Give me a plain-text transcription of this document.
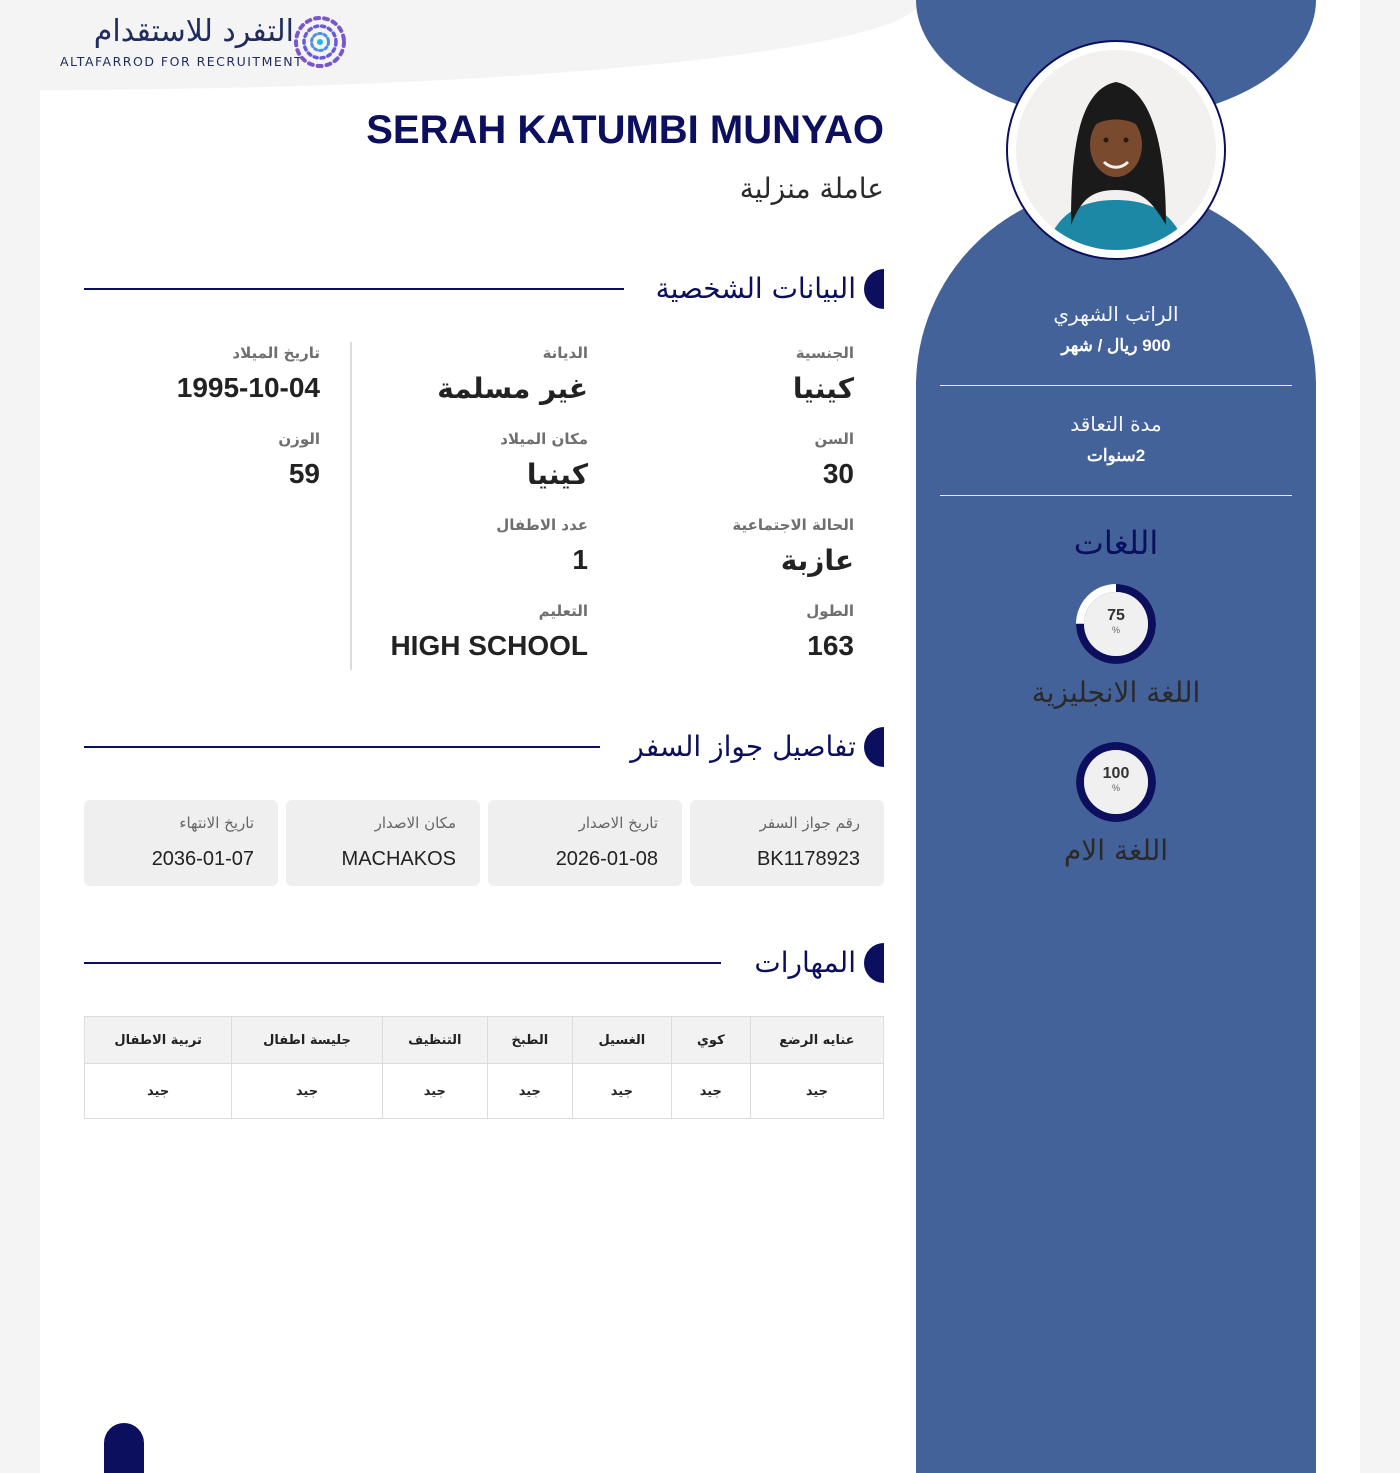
التفرد للاستقدام
ALTAFARROD FOR RECRUITMENT
SERAH KATUMBI MUNYAO
عاملة منزلية
البيانات الشخصية
الجنسية
كينيا
السن
30
الحالة الاجتماعية
عازبة
الطول
163
الديانة
غير مسلمة
مكان الميلاد
كينيا
عدد الاطفال
1
التعليم
HIGH SCHOOL
تاريخ الميلاد
1995-10-04
الوزن
59
تفاصيل جواز السفر
رقم جواز السفر
BK1178923
تاريخ الاصدار
2026-01-08
مكان الاصدار
MACHAKOS
تاريخ الانتهاء
2036-01-07
المهارات
عنايه الرضع	كوي	الغسيل	الطبخ	التنظيف	جليسة اطفال	تربية الاطفال
جيد	جيد	جيد	جيد	جيد	جيد	جيد
الراتب الشهري
900 ريال / شهر
مدة التعاقد
2سنوات
اللغات
75
%
اللغة الانجليزية
100
%
اللغة الام
